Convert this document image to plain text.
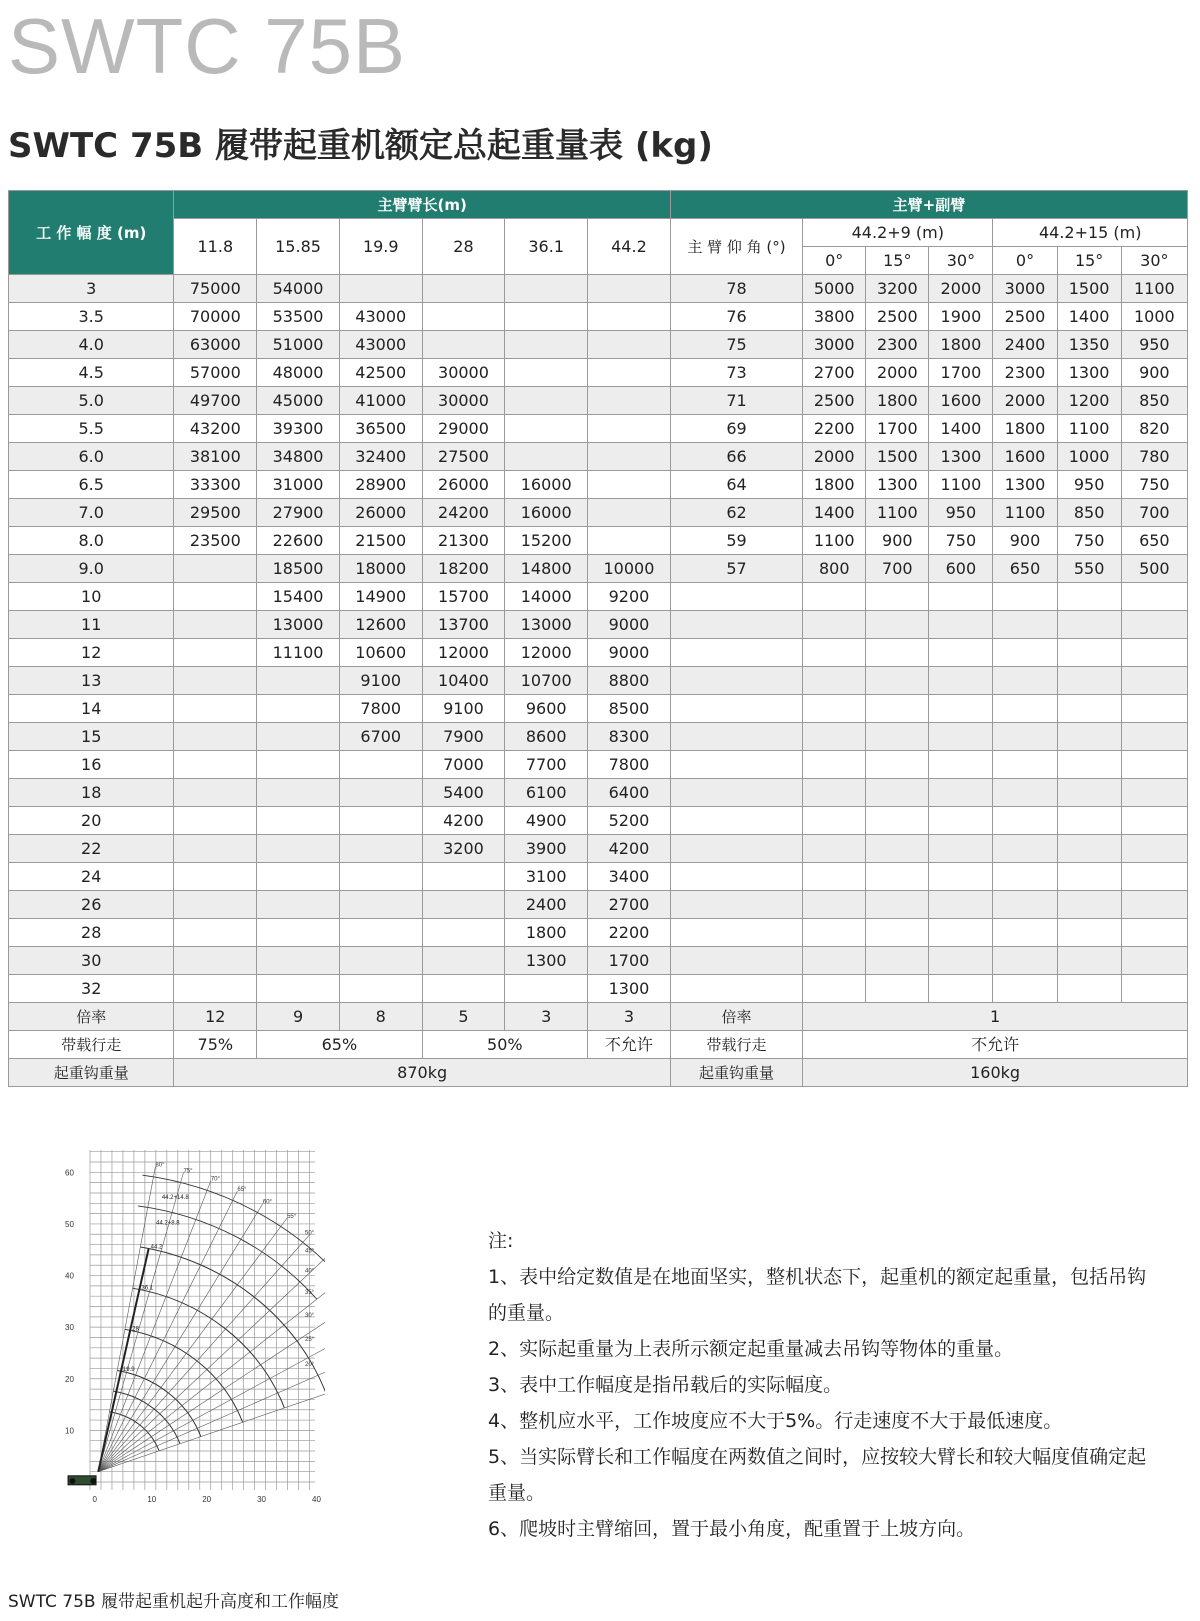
SWTC 75B
SWTC 75B 履带起重机额定总起重量表 (kg)
工 作 幅 度 (m)	主臂臂长(m)						主臂+副臂						
	11.8	15.85	19.9	28	36.1	44.2	主 臂 仰 角 (°)	44.2+9 (m)			44.2+15 (m)		
								0°	15°	30°	0°	15°	30°
3	75000	54000					78	5000	3200	2000	3000	1500	1100
3.5	70000	53500	43000				76	3800	2500	1900	2500	1400	1000
4.0	63000	51000	43000				75	3000	2300	1800	2400	1350	950
4.5	57000	48000	42500	30000			73	2700	2000	1700	2300	1300	900
5.0	49700	45000	41000	30000			71	2500	1800	1600	2000	1200	850
5.5	43200	39300	36500	29000			69	2200	1700	1400	1800	1100	820
6.0	38100	34800	32400	27500			66	2000	1500	1300	1600	1000	780
6.5	33300	31000	28900	26000	16000		64	1800	1300	1100	1300	950	750
7.0	29500	27900	26000	24200	16000		62	1400	1100	950	1100	850	700
8.0	23500	22600	21500	21300	15200		59	1100	900	750	900	750	650
9.0		18500	18000	18200	14800	10000	57	800	700	600	650	550	500
10		15400	14900	15700	14000	9200							
11		13000	12600	13700	13000	9000							
12		11100	10600	12000	12000	9000							
13			9100	10400	10700	8800							
14			7800	9100	9600	8500							
15			6700	7900	8600	8300							
16				7000	7700	7800							
18				5400	6100	6400							
20				4200	4900	5200							
22				3200	3900	4200							
24					3100	3400							
26					2400	2700							
28					1800	2200							
30					1300	1700							
32						1300							
倍率	12	9	8	5	3	3	倍率	1					
带载行走	75%	65%		50%		不允许	带载行走	不允许					
起重钩重量	870kg						起重钩重量	160kg					
10
20
30
40
50
60
0	10	20	30	40
80°
75°
70°
65°
60°
55°
50°
45°
40°
35°
30°
25°
20°
19.9
28
36.1
44.2
44.2+8.8
44.2+14.8
SWTC 75B 履带起重机起升高度和工作幅度
注:
1、表中给定数值是在地面坚实，整机状态下，起重机的额定起重量，包括吊钩的重量。
2、实际起重量为上表所示额定起重量减去吊钩等物体的重量。
3、表中工作幅度是指吊载后的实际幅度。
4、整机应水平，工作坡度应不大于5%。行走速度不大于最低速度。
5、当实际臂长和工作幅度在两数值之间时，应按较大臂长和较大幅度值确定起重量。
6、爬坡时主臂缩回，置于最小角度，配重置于上坡方向。
